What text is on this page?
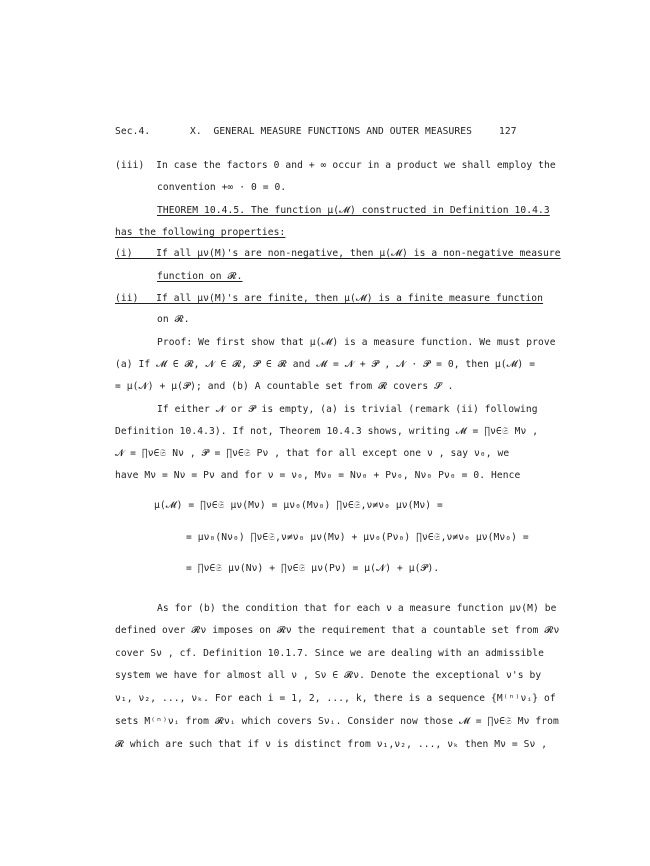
Sec.4.	X.  GENERAL MEASURE FUNCTIONS AND OUTER MEASURES	127
(iii)  In case the factors 0 and + ∞ occur in a product we shall employ the
convention +∞ · 0 = 0.
THEOREM 10.4.5. The function μ(𝓜) constructed in Definition 10.4.3
has the following properties:
(i)    If all μν(M)'s are non-negative, then μ(𝓜) is a non-negative measure
function on 𝓡.
(ii)   If all μν(M)'s are finite, then μ(𝓜) is a finite measure function
on 𝓡.
Proof: We first show that μ(𝓜) is a measure function. We must prove
(a) If 𝓜 ∈ 𝓡, 𝓝 ∈ 𝓡, 𝓟 ∈ 𝓡 and 𝓜 = 𝓝 + 𝓟 , 𝓝 · 𝓟 = 0, then μ(𝓜) =
= μ(𝓝) + μ(𝓟); and (b) A countable set from 𝓡 covers 𝓢 .
If either 𝓝 or 𝓟 is empty, (a) is trivial (remark (ii) following
Definition 10.4.3). If not, Theorem 10.4.3 shows, writing 𝓜 = ∏ν∈𝔖 Mν ,
𝓝 = ∏ν∈𝔖 Nν , 𝓟 = ∏ν∈𝔖 Pν , that for all except one ν , say ν₀, we
have Mν = Nν = Pν and for ν = ν₀, Mν₀ = Nν₀ + Pν₀, Nν₀ Pν₀ = 0. Hence
μ(𝓜) = ∏ν∈𝔖 μν(Mν) = μν₀(Mν₀) ∏ν∈𝔖,ν≠ν₀ μν(Mν) =
= μν₀(Nν₀) ∏ν∈𝔖,ν≠ν₀ μν(Mν) + μν₀(Pν₀) ∏ν∈𝔖,ν≠ν₀ μν(Mν₀) =
= ∏ν∈𝔖 μν(Nν) + ∏ν∈𝔖 μν(Pν) = μ(𝓝) + μ(𝓟).
As for (b) the condition that for each ν a measure function μν(M) be
defined over 𝓡ν imposes on 𝓡ν the requirement that a countable set from 𝓡ν
cover Sν , cf. Definition 10.1.7. Since we are dealing with an admissible
system we have for almost all ν , Sν ∈ 𝓡ν. Denote the exceptional ν's by
ν₁, ν₂, ..., νₖ. For each i = 1, 2, ..., k, there is a sequence {M⁽ⁿ⁾νᵢ} of
sets M⁽ⁿ⁾νᵢ from 𝓡νᵢ which covers Sνᵢ. Consider now those 𝓜 = ∏ν∈𝔖 Mν from
𝓡 which are such that if ν is distinct from ν₁,ν₂, ..., νₖ then Mν = Sν ,
